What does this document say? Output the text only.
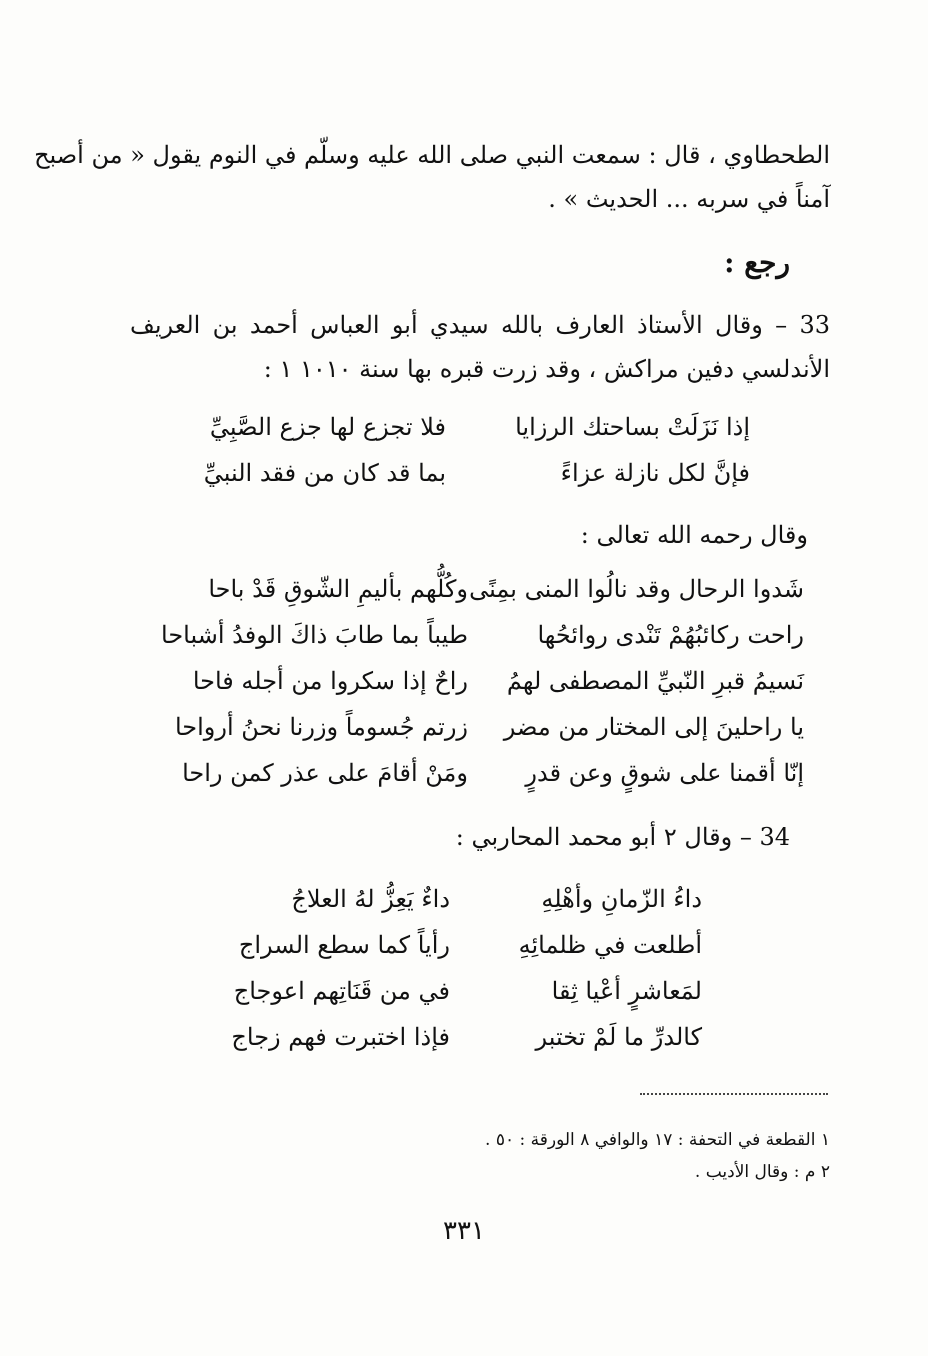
الطحطاوي ، قال : سمعت النبي صلى الله عليه وسلّم في النوم يقول « من أصبح
آمناً في سربه ... الحديث » .
رجع :
33 – وقال الأستاذ العارف بالله سيدي أبو العباس أحمد بن العريف
الأندلسي دفين مراكش ، وقد زرت قبره بها سنة ١٠١٠ ١ :
إذا نَزَلَتْ بساحتك الرزايا
فلا تجزع لها جزع الصَّبِيِّ
فإنَّ لكل نازلة عزاءً
بما قد كان من فقد النبيِّ
وقال رحمه الله تعالى :
شَدوا الرحال وقد نالُوا المنى بمِنًى
وكُلُّهم بأليمِ الشّوقِ قَدْ باحا
راحت ركائبُهُمْ تَنْدى روائحُها
طيباً بما طابَ ذاكَ الوفدُ أشباحا
نَسيمُ قبرِ النّبيِّ المصطفى لهمُ
راحٌ إذا سكروا من أجله فاحا
يا راحلينَ إلى المختار من مضر
زرتم جُسوماً وزرنا نحنُ أرواحا
إنّا أقمنا على شوقٍ وعن قدرٍ
ومَنْ أقامَ على عذر كمن راحا
34 – وقال ٢ أبو محمد المحاربي :
داءُ الزّمانِ وأهْلِهِ
داءٌ يَعِزُّ لهُ العلاجُ
أطلعت في ظلمائِهِ
رأياً كما سطع السراج
لمَعاشرٍ أعْيا ثِقا
في من قَنَاتِهم اعوجاج
كالدرِّ ما لَمْ تختبر
فإذا اختبرت فهم زجاج
١ القطعة في التحفة : ١٧ والوافي ٨ الورقة : ٥٠ .
٢ م : وقال الأديب .
٣٣١
